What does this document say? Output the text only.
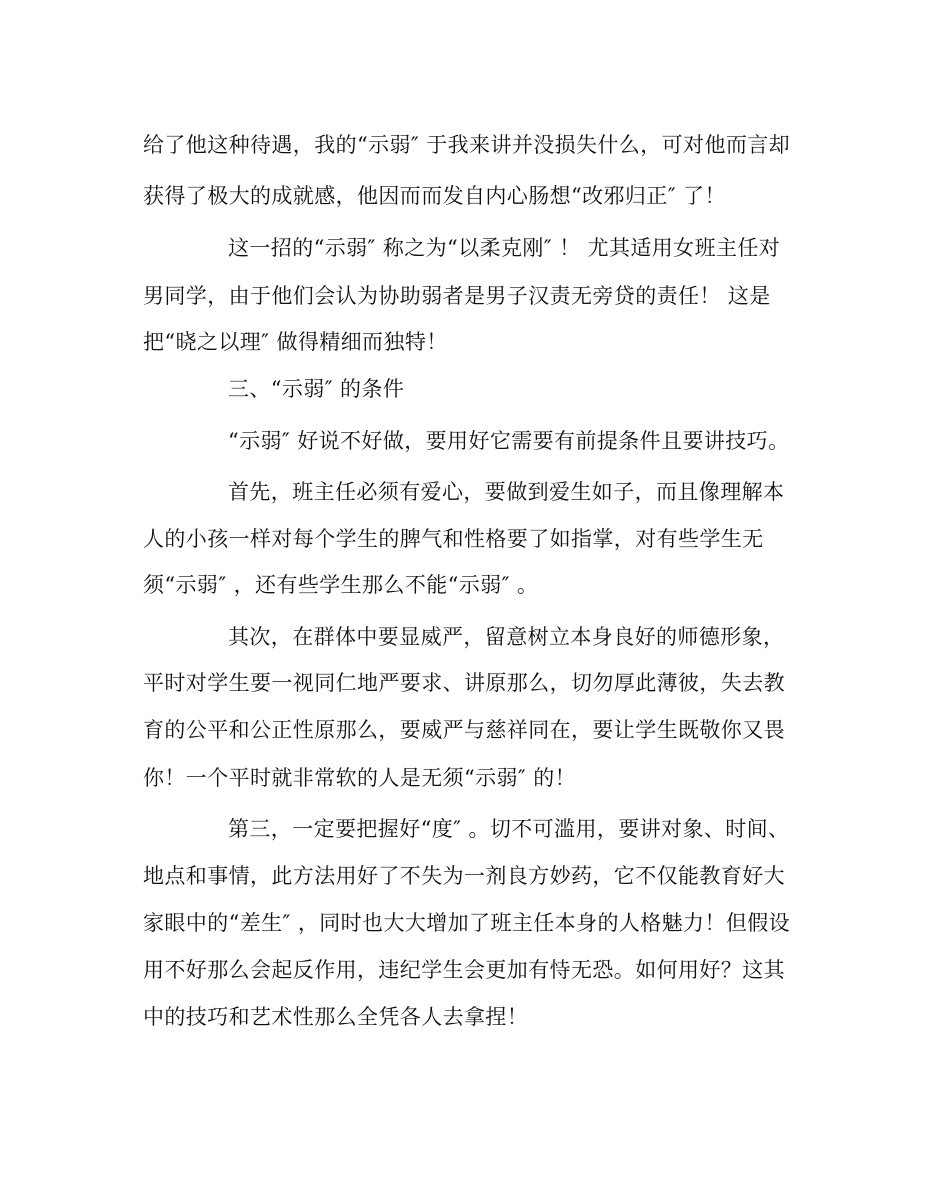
给了他这种待遇，我的“示弱″ 于我来讲并没损失什么，可对他而言却
获得了极大的成就感，他因而而发自内心肠想“改邪归正″ 了！
这一招的“示弱″ 称之为“以柔克刚″ ！ 尤其适用女班主任对
男同学，由于他们会认为协助弱者是男子汉责无旁贷的责任！ 这是
把“晓之以理″ 做得精细而独特！
三、“示弱″ 的条件
“示弱″ 好说不好做，要用好它需要有前提条件且要讲技巧。
首先，班主任必须有爱心，要做到爱生如子，而且像理解本
人的小孩一样对每个学生的脾气和性格要了如指掌，对有些学生无
须“示弱″ ，还有些学生那么不能“示弱″ 。
其次，在群体中要显威严，留意树立本身良好的师德形象，
平时对学生要一视同仁地严要求、讲原那么，切勿厚此薄彼，失去教
育的公平和公正性原那么，要威严与慈祥同在，要让学生既敬你又畏
你！一个平时就非常软的人是无须“示弱″ 的！
第三，一定要把握好“度″ 。切不可滥用，要讲对象、时间、
地点和事情，此方法用好了不失为一剂良方妙药，它不仅能教育好大
家眼中的“差生″ ，同时也大大增加了班主任本身的人格魅力！但假设
用不好那么会起反作用，违纪学生会更加有恃无恐。如何用好？这其
中的技巧和艺术性那么全凭各人去拿捏！
